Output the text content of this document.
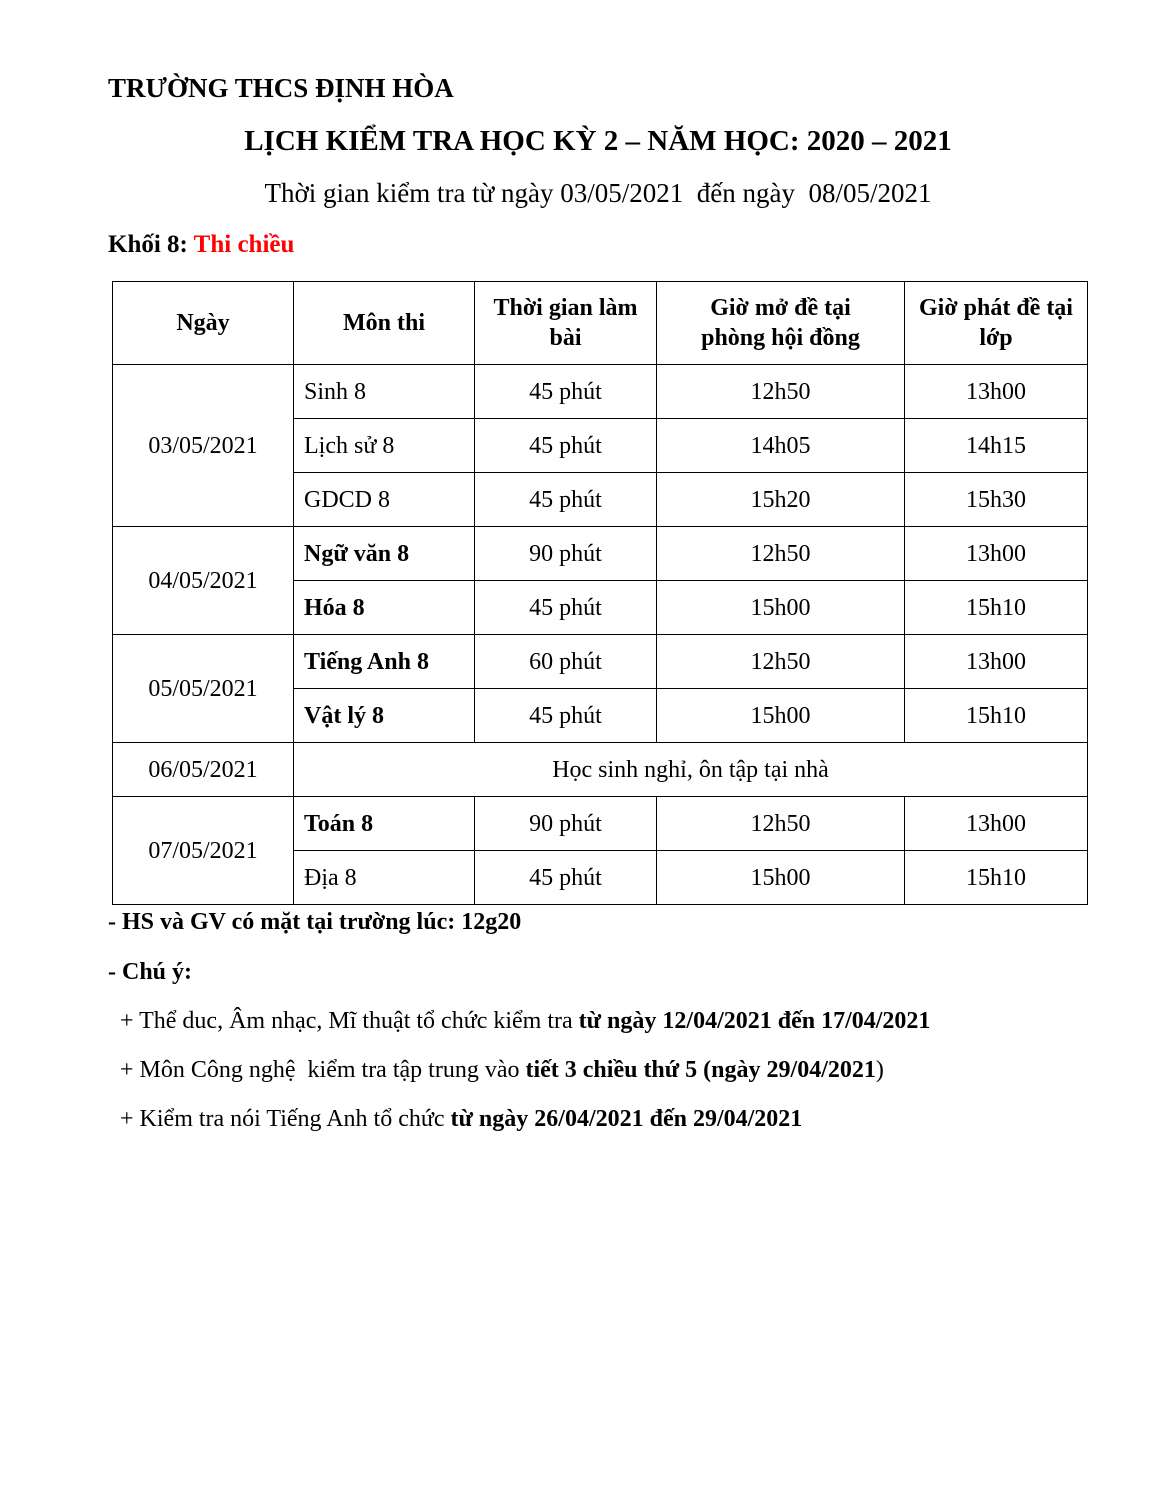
TRƯỜNG THCS ĐỊNH HÒA
LỊCH KIỂM TRA HỌC KỲ 2 – NĂM HỌC: 2020 – 2021
Thời gian kiểm tra từ ngày 03/05/2021  đến ngày  08/05/2021
Khối 8: Thi chiều
Ngày	Môn thi	Thời gian làm bài	Giờ mở đề tại phòng hội đồng	Giờ phát đề tại lớp
03/05/2021	Sinh 8	45 phút	12h50	13h00
	Lịch sử 8	45 phút	14h05	14h15
	GDCD 8	45 phút	15h20	15h30
04/05/2021	Ngữ văn 8	90 phút	12h50	13h00
	Hóa 8	45 phút	15h00	15h10
05/05/2021	Tiếng Anh 8	60 phút	12h50	13h00
	Vật lý 8	45 phút	15h00	15h10
06/05/2021	Học sinh nghỉ, ôn tập tại nhà			
07/05/2021	Toán 8	90 phút	12h50	13h00
	Địa 8	45 phút	15h00	15h10
- HS và GV có mặt tại trường lúc: 12g20
- Chú ý:
+ Thể duc, Âm nhạc, Mĩ thuật tổ chức kiểm tra từ ngày 12/04/2021 đến 17/04/2021
+ Môn Công nghệ  kiểm tra tập trung vào tiết 3 chiều thứ 5 (ngày 29/04/2021)
+ Kiểm tra nói Tiếng Anh tổ chức từ ngày 26/04/2021 đến 29/04/2021
